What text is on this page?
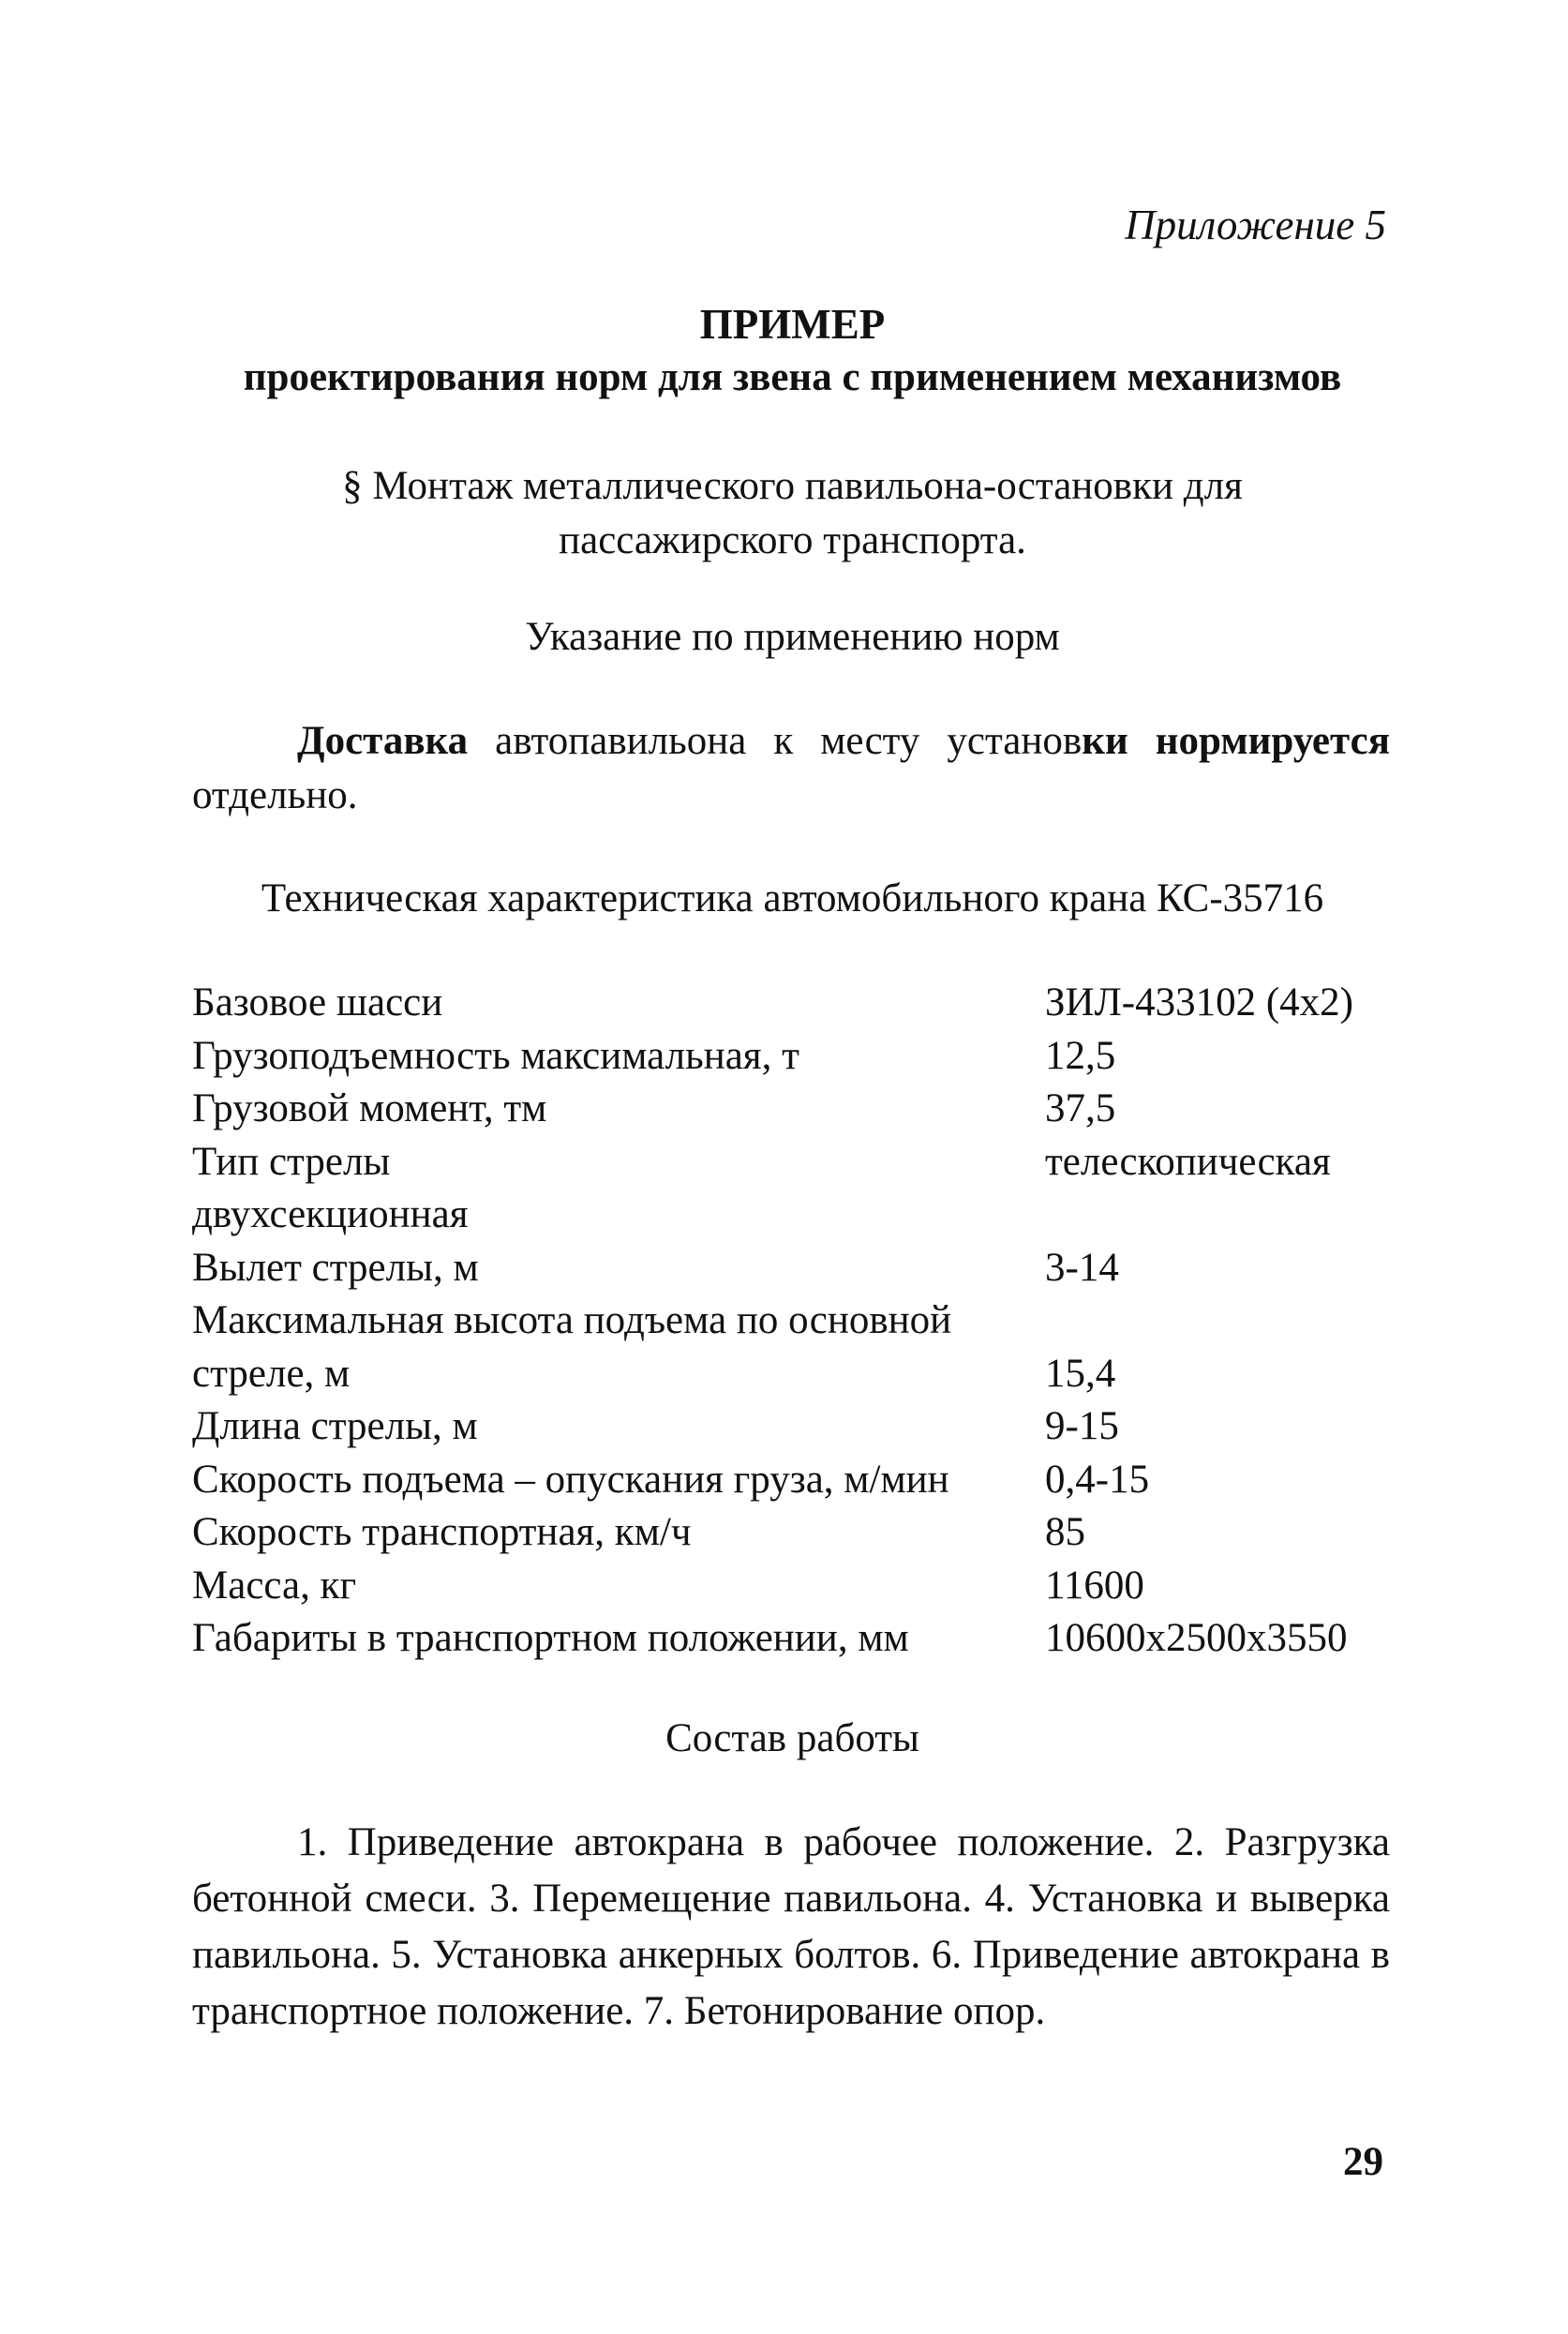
Приложение 5
ПРИМЕР
проектирования норм для звена с применением механизмов
§ Монтаж металлического павильона-остановки для
пассажирского транспорта.
Указание по применению норм
Доставка автопавильона к месту установки нормируется отдельно.
Техническая характеристика автомобильного крана КС-35716
Базовое шасси	ЗИЛ-433102 (4х2)
Грузоподъемность максимальная, т	12,5
Грузовой момент, тм	37,5
Тип стрелы	телескопическая
двухсекционная
Вылет стрелы, м	3-14
Максимальная высота подъема по основной
стреле, м	15,4
Длина стрелы, м	9-15
Скорость подъема – опускания груза, м/мин 0,4-15
Скорость транспортная, км/ч	85
Масса, кг	11600
Габариты в транспортном положении, мм	10600х2500х3550
Состав работы
1. Приведение автокрана в рабочее положение. 2. Разгрузка бетонной смеси. 3. Перемещение павильона. 4. Установка и выверка павильона. 5. Установка анкерных болтов. 6. Приведение автокрана в транспортное положение. 7. Бетонирование опор.
29
